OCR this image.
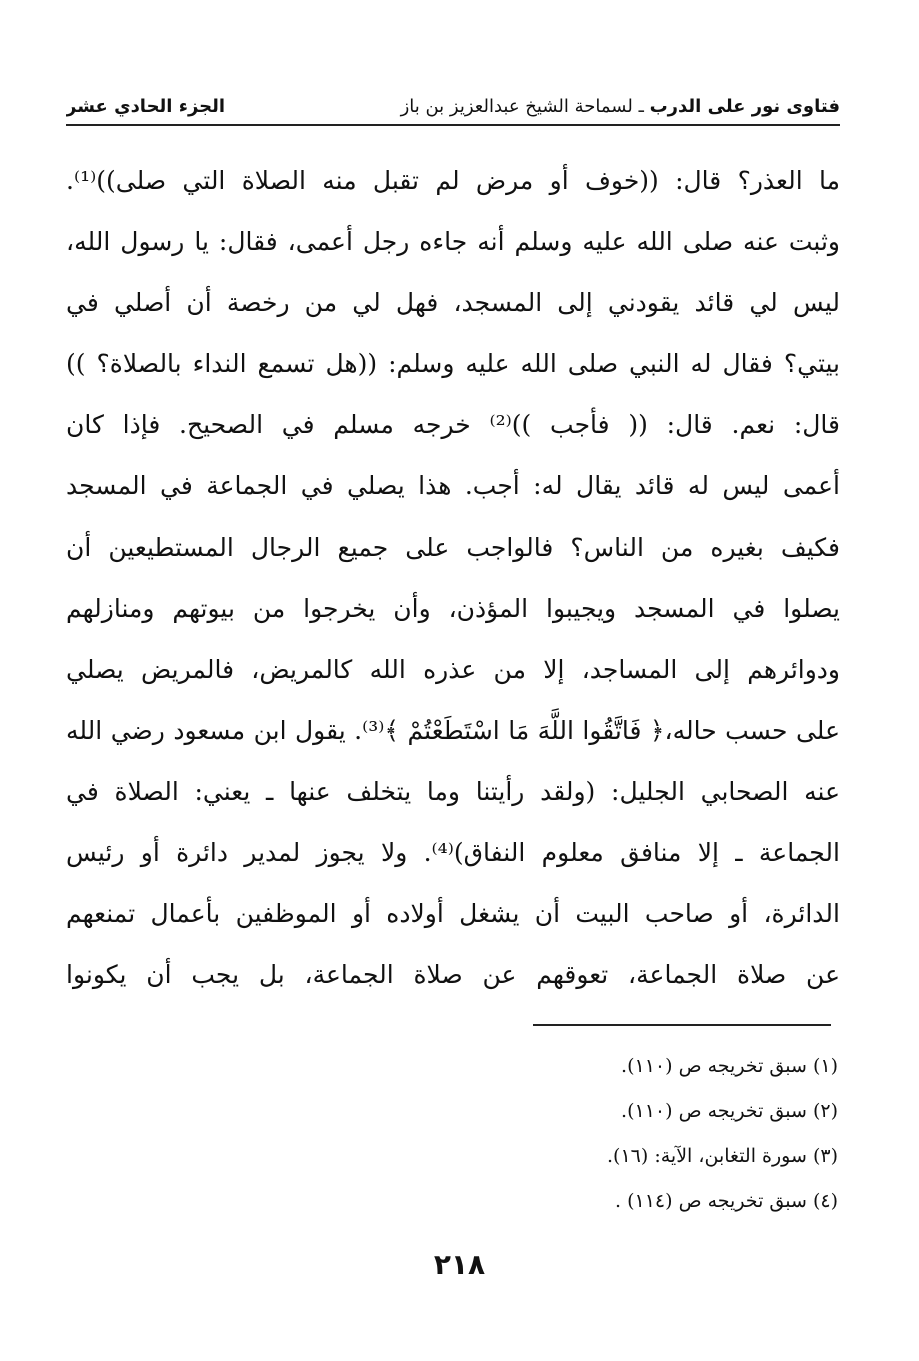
فتاوى نور على الدرب ـ لسماحة الشيخ عبدالعزيز بن باز
الجزء الحادي عشر
ما العذر؟ قال: ((خوف أو مرض لم تقبل منه الصلاة التي صلى))⁽¹⁾.
وثبت عنه صلى الله عليه وسلم أنه جاءه رجل أعمى، فقال: يا رسول الله،
ليس لي قائد يقودني إلى المسجد، فهل لي من رخصة أن أصلي في
بيتي؟ فقال له النبي صلى الله عليه وسلم: ((هل تسمع النداء بالصلاة؟ ))
قال: نعم. قال: (( فأجب ))⁽²⁾ خرجه مسلم في الصحيح. فإذا كان
أعمى ليس له قائد يقال له: أجب. هذا يصلي في الجماعة في المسجد
فكيف بغيره من الناس؟ فالواجب على جميع الرجال المستطيعين أن
يصلوا في المسجد ويجيبوا المؤذن، وأن يخرجوا من بيوتهم ومنازلهم
ودوائرهم إلى المساجد، إلا من عذره الله كالمريض، فالمريض يصلي
على حسب حاله،﴿ فَاتَّقُوا اللَّهَ مَا اسْتَطَعْتُمْ ﴾⁽³⁾. يقول ابن مسعود رضي الله
عنه الصحابي الجليل: (ولقد رأيتنا وما يتخلف عنها ـ يعني: الصلاة في
الجماعة ـ إلا منافق معلوم النفاق)⁽⁴⁾. ولا يجوز لمدير دائرة أو رئيس
الدائرة، أو صاحب البيت أن يشغل أولاده أو الموظفين بأعمال تمنعهم
عن صلاة الجماعة، تعوقهم عن صلاة الجماعة، بل يجب أن يكونوا
(١) سبق تخريجه ص (١١٠).
(٢) سبق تخريجه ص (١١٠).
(٣) سورة التغابن، الآية: (١٦).
(٤) سبق تخريجه ص (١١٤) .
٢١٨
